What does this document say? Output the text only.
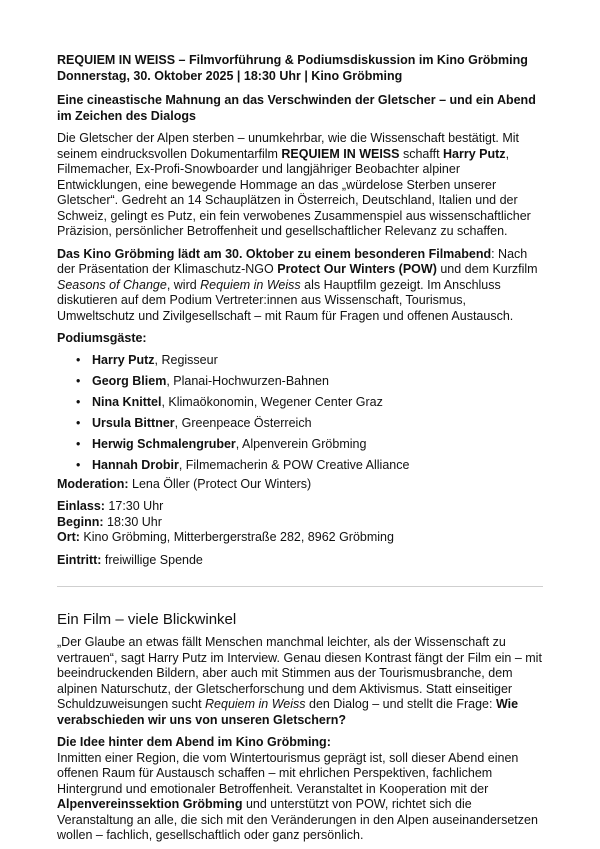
REQUIEM IN WEISS – Filmvorführung & Podiumsdiskussion im Kino Gröbming

Donnerstag, 30. Oktober 2025 | 18:30 Uhr | Kino Gröbming

Eine cineastische Mahnung an das Verschwinden der Gletscher – und ein Abend im Zeichen des Dialogs

Die Gletscher der Alpen sterben – unumkehrbar, wie die Wissenschaft bestätigt. Mit seinem eindrucksvollen Dokumentarfilm REQUIEM IN WEISS schafft Harry Putz, Filmemacher, Ex-Profi-Snowboarder und langjähriger Beobachter alpiner Entwicklungen, eine bewegende Hommage an das „würdelose Sterben unserer Gletscher“. Gedreht an 14 Schauplätzen in Österreich, Deutschland, Italien und der Schweiz, gelingt es Putz, ein fein verwobenes Zusammenspiel aus wissenschaftlicher Präzision, persönlicher Betroffenheit und gesellschaftlicher Relevanz zu schaffen.

Das Kino Gröbming lädt am 30. Oktober zu einem besonderen Filmabend: Nach der Präsentation der Klimaschutz-NGO Protect Our Winters (POW) und dem Kurzfilm Seasons of Change, wird Requiem in Weiss als Hauptfilm gezeigt. Im Anschluss diskutieren auf dem Podium Vertreter:innen aus Wissenschaft, Tourismus, Umweltschutz und Zivilgesellschaft – mit Raum für Fragen und offenen Austausch.

Podiumsgäste:

• Harry Putz, Regisseur
• Georg Bliem, Planai-Hochwurzen-Bahnen
• Nina Knittel, Klimaökonomin, Wegener Center Graz
• Ursula Bittner, Greenpeace Österreich
• Herwig Schmalengruber, Alpenverein Gröbming
• Hannah Drobir, Filmemacherin & POW Creative Alliance

Moderation: Lena Öller (Protect Our Winters)

Einlass: 17:30 Uhr

Beginn: 18:30 Uhr

Ort: Kino Gröbming, Mitterbergerstraße 282, 8962 Gröbming

Eintritt: freiwillige Spende

Ein Film – viele Blickwinkel

„Der Glaube an etwas fällt Menschen manchmal leichter, als der Wissenschaft zu vertrauen“, sagt Harry Putz im Interview. Genau diesen Kontrast fängt der Film ein – mit beeindruckenden Bildern, aber auch mit Stimmen aus der Tourismusbranche, dem alpinen Naturschutz, der Gletscherforschung und dem Aktivismus. Statt einseitiger Schuldzuweisungen sucht Requiem in Weiss den Dialog – und stellt die Frage: Wie verabschieden wir uns von unseren Gletschern?

Die Idee hinter dem Abend im Kino Gröbming:

Inmitten einer Region, die vom Wintertourismus geprägt ist, soll dieser Abend einen offenen Raum für Austausch schaffen – mit ehrlichen Perspektiven, fachlichem Hintergrund und emotionaler Betroffenheit. Veranstaltet in Kooperation mit der Alpenvereinssektion Gröbming und unterstützt von POW, richtet sich die Veranstaltung an alle, die sich mit den Veränderungen in den Alpen auseinandersetzen wollen – fachlich, gesellschaftlich oder ganz persönlich.
